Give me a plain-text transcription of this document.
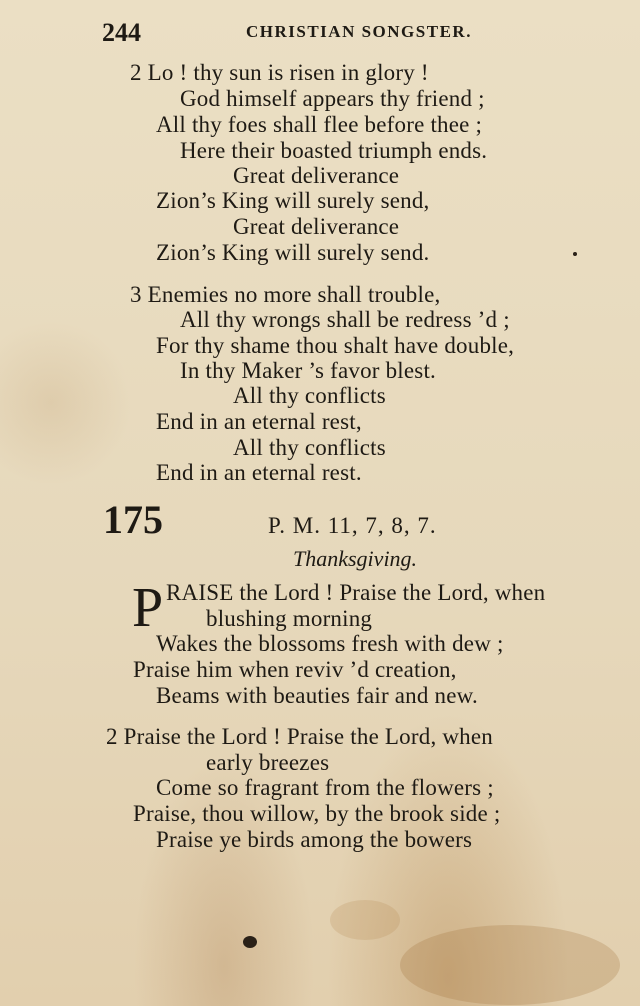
244	CHRISTIAN SONGSTER.
2 Lo ! thy sun is risen in glory !
God himself appears thy friend ;
All thy foes shall flee before thee ;
Here their boasted triumph ends.
Great deliverance
Zion’s King will surely send,
Great deliverance
Zion’s King will surely send.
3 Enemies no more shall trouble,
All thy wrongs shall be redress ’d ;
For thy shame thou shalt have double,
In thy Maker ’s favor blest.
All thy conflicts
End in an eternal rest,
All thy conflicts
End in an eternal rest.
175	P. M. 11, 7, 8, 7.
Thanksgiving.
P RAISE the Lord ! Praise the Lord, when
blushing morning
Wakes the blossoms fresh with dew ;
Praise him when reviv ’d creation,
Beams with beauties fair and new.
2 Praise the Lord ! Praise the Lord, when
early breezes
Come so fragrant from the flowers ;
Praise, thou willow, by the brook side ;
Praise ye birds among the bowers
